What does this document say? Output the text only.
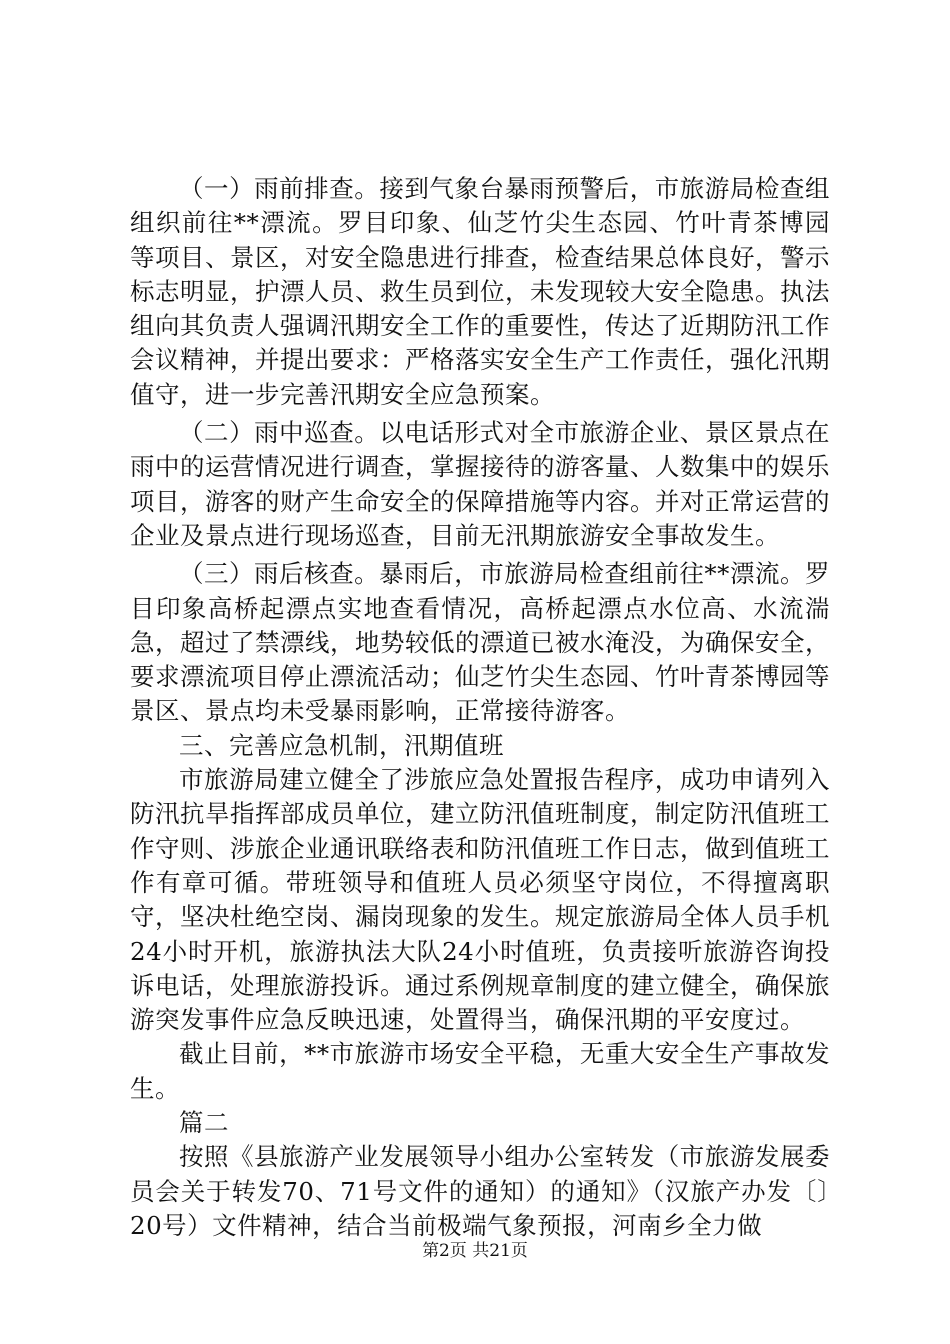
（一）雨前排查。接到气象台暴雨预警后，市旅游局检查组组织前往**漂流。罗目印象、仙芝竹尖生态园、竹叶青茶博园等项目、景区，对安全隐患进行排查，检查结果总体良好，警示标志明显，护漂人员、救生员到位，未发现较大安全隐患。执法组向其负责人强调汛期安全工作的重要性，传达了近期防汛工作会议精神，并提出要求：严格落实安全生产工作责任，强化汛期值守，进一步完善汛期安全应急预案。

（二）雨中巡查。以电话形式对全市旅游企业、景区景点在雨中的运营情况进行调查，掌握接待的游客量、人数集中的娱乐项目，游客的财产生命安全的保障措施等内容。并对正常运营的企业及景点进行现场巡查，目前无汛期旅游安全事故发生。

（三）雨后核查。暴雨后，市旅游局检查组前往**漂流。罗目印象高桥起漂点实地查看情况，高桥起漂点水位高、水流湍急，超过了禁漂线，地势较低的漂道已被水淹没，为确保安全，要求漂流项目停止漂流活动；仙芝竹尖生态园、竹叶青茶博园等景区、景点均未受暴雨影响，正常接待游客。

三、完善应急机制，汛期值班

市旅游局建立健全了涉旅应急处置报告程序，成功申请列入防汛抗旱指挥部成员单位，建立防汛值班制度，制定防汛值班工作守则、涉旅企业通讯联络表和防汛值班工作日志，做到值班工作有章可循。带班领导和值班人员必须坚守岗位，不得擅离职守，坚决杜绝空岗、漏岗现象的发生。规定旅游局全体人员手机24小时开机，旅游执法大队24小时值班，负责接听旅游咨询投诉电话，处理旅游投诉。通过系例规章制度的建立健全，确保旅游突发事件应急反映迅速，处置得当，确保汛期的平安度过。

截止目前，**市旅游市场安全平稳，无重大安全生产事故发生。

篇二

按照《县旅游产业发展领导小组办公室转发（市旅游发展委员会关于转发70、71号文件的通知）的通知》（汉旅产办发〔〕20号）文件精神，结合当前极端气象预报，河南乡全力做

第2页 共21页
